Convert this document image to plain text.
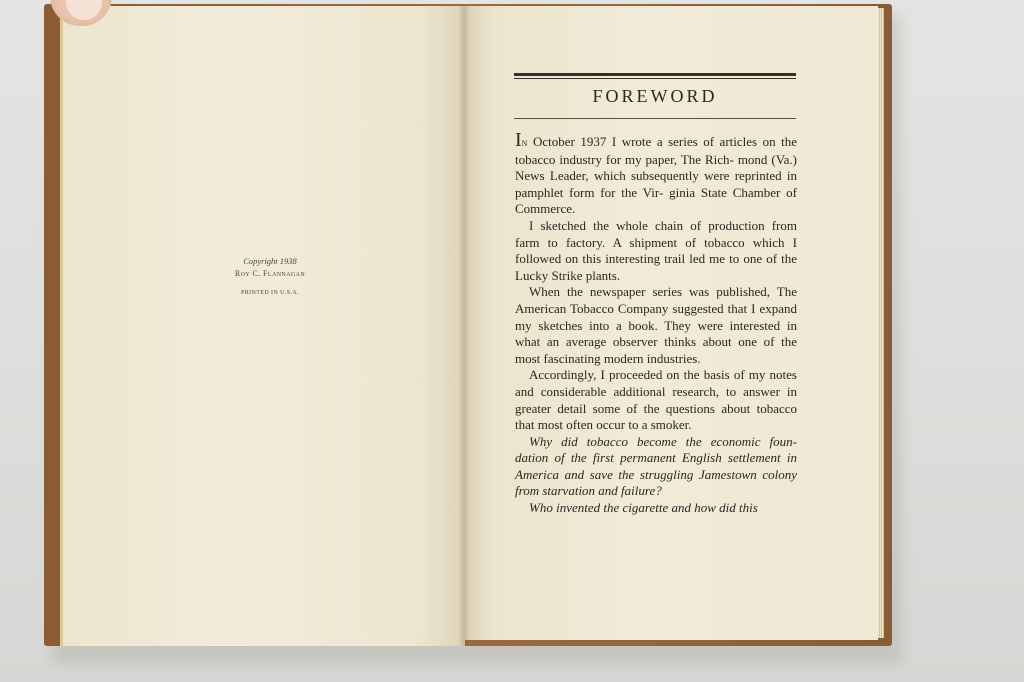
Copyright 1938
Roy C. Flannagan
PRINTED IN U.S.A.
FOREWORD

In October 1937 I wrote a series of articles on the tobacco industry for my paper, The Rich- mond (Va.) News Leader, which subsequently were reprinted in pamphlet form for the Vir- ginia State Chamber of Commerce.

I sketched the whole chain of production from farm to factory. A shipment of tobacco which I followed on this interesting trail led me to one of the Lucky Strike plants.

When the newspaper series was published, The American Tobacco Company suggested that I expand my sketches into a book. They were interested in what an average observer thinks about one of the most fascinating modern industries.

Accordingly, I proceeded on the basis of my notes and considerable additional research, to answer in greater detail some of the questions about tobacco that most often occur to a smoker.

Why did tobacco become the economic foun- dation of the first permanent English settlement in America and save the struggling Jamestown colony from starvation and failure?

Who invented the cigarette and how did this
